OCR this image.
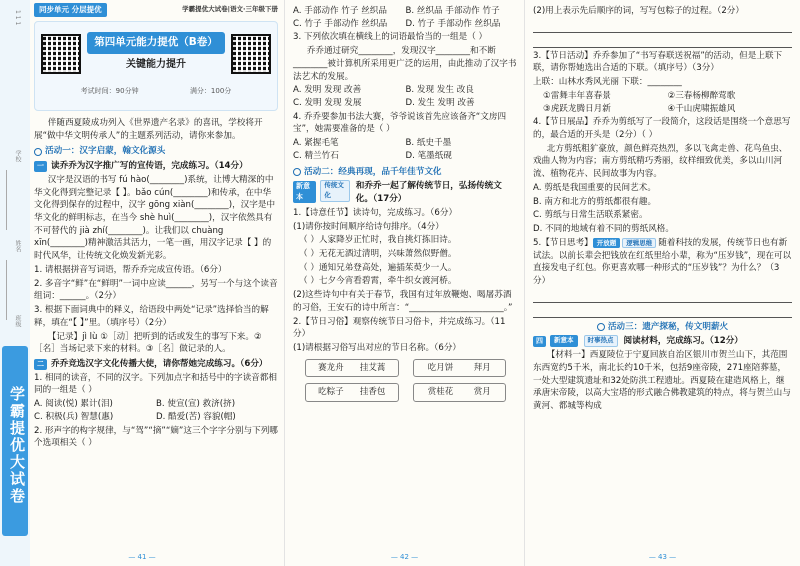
1 1 1
学校
姓名
班级
学霸提优大试卷
同步单元 分层提优	学霸提优大试卷|语文·三年级下册
第四单元能力提优（B卷）
关键能力提升
考试时间：90分钟	满分：100分

伴随西夏陵成功列入《世界遗产名录》的喜讯，学校将开展“做中华文明传承人”的主题系列活动，请你来参加。

活动一：汉字启蒙，翰文化源头
一 读乔乔为汉字推广写的宣传语，完成练习。（14分）

汉字是汉语的书写 fú hào(________)系统，让博大精深的中华文化得到完整记录【 】。bǎo cún(________)和传承，在中华文化得到保存的过程中，汉字 gōng xiàn(________)，汉字是中华文化的鲜明标志，在当今 shè huì(________)，汉字依然具有不可替代的 jià zhí(________)。让我们以 chuàng xīn(________)精神激活其活力，一笔一画，用汉字记录【 】的时代风华，让传统文化焕发新光彩。

1. 请根据拼音写词语，帮乔乔完成宣传语。（6分）

2. 多音字“鲜”在“鲜明”一词中应读______，另写一个与这个读音组词：______。（2分）

3. 根据下面词典中的释义，给语段中两处“记录”选择恰当的解释，填在“【 】”里。（填序号）（2分）

【记录】jì lù ①［动］把听到的话或发生的事写下来。②［名］当场记录下来的材料。③［名］做记录的人。

二 乔乔竞选汉字文化传播大使，请你帮她完成练习。（6分）

1. 相同的读音，不同的汉字。下列加点字和括号中的字读音都相同的一组是（ ）

A. 阅读(悦) 累计(泪)	B. 使宣(宣) 救济(挤)
C. 积极(兵) 智慧(惠)	D. 酷爱(苦) 容貌(帽)

2. 形声字的构字规律，与“驾”“摘”“嫡”这三个字字分别与下列哪个选项相关（ ）

— 41 —
A. 手部动作 竹子 丝织品	B. 丝织品 手部动作 竹子
C. 竹子 手部动作 丝织品	D. 竹子 手部动作 丝织品

3. 下列依次填在横线上的词语最恰当的一组是（ ）

乔乔通过研究________，发现汉字________和不断________被计算机所采用更广泛的运用，由此推动了汉字书法艺术的发展。

A. 发明 发现 改善	B. 发现 发生 改良
C. 发明 发现 发展	D. 发生 发明 改善

4. 乔乔要参加书法大赛，爷爷说该首先应该备齐“文房四宝”，她需要准备的是（ ）

A. 紧握毛笔	B. 纸史千墨
C. 精兰竹石	D. 笔墨纸砚
活动二：经典再现，品千年佳节文化
新意本
传统文化
和乔乔一起了解传统节日，弘扬传统文化。（17分）

1.【诗意任节】读诗句，完成练习。（6分）

(1)请你按时间顺序给诗句排序。（4分）

（ ）人家降岁正忙时，我自挑灯拣旧诗。

（ ）无花无酒过清明，兴味萧然似野僧。

（ ）通知兄弟登高处，遍插茱萸少一人。

（ ）七夕今宵看碧霄，牵牛织女渡河桥。

(2)这些诗句中有关于春节，我国有过年放鞭炮、喝屠苏酒的习俗，王安石的诗中所言：“______________________。”

2.【节日习俗】观察传统节日习俗卡，并完成练习。（11分）

(1)请根据习俗写出对应的节日名称。（6分）

赛龙舟 挂艾蒿	吃月饼 拜月
吃粽子 挂香包	赏桂花 赏月
— 42 —

(2)用上表示先后顺序的词，写写包粽子的过程。（2分）

3.【节日活动】乔乔参加了“书写春联送祝福”的活动，但是上联下联，请你帮她选出合适的下联。（填序号）（3分）

上联：山林水秀风光丽 下联：________

①雷舞丰年喜春景	②三春杨柳醉莺歌
③虎跃龙腾日月新	④千山虎啸振雄风

4.【节日展品】乔乔为剪纸写了一段简介，这段话是围绕一个意思写的，最合适的开头是（2分）（ ）

北方剪纸粗犷豪放，颜色鲜亮热烈，多以飞禽走兽、花鸟鱼虫、戏曲人物为内容；南方剪纸精巧秀丽，纹样细致优美，多以山川河流、植物花卉、民间故事为内容。

A. 剪纸是我国重要的民间艺术。

B. 南方和北方的剪纸都很有趣。

C. 剪纸与日常生活联系紧密。

D. 不同的地域有着不同的剪纸风格。

5.【节日思考】 开放题 逻辑思维 随着科技的发展，传统节日也有新试法。以前长辈会把钱放在红纸里给小辈，称为“压岁钱”，现在可以直接发电子红包。你更喜欢哪一种形式的“压岁钱”？为什么？（3分）

活动三：遗产探秘，传文明薪火
四	新意本	时事热点	阅读材料，完成练习。（12分）

【材料一】西夏陵位于宁夏回族自治区银川市贺兰山下，其范围东西宽约5千米，南北长约10千米，包括9座帝陵，271座陪葬墓，一处大型建筑遗址和32处防洪工程遗址。西夏陵在建造风格上，继承唐宋帝陵，以高大宝塔的形式融合佛教建筑的特点，将与贺兰山与黄河、都城等构成

— 43 —
